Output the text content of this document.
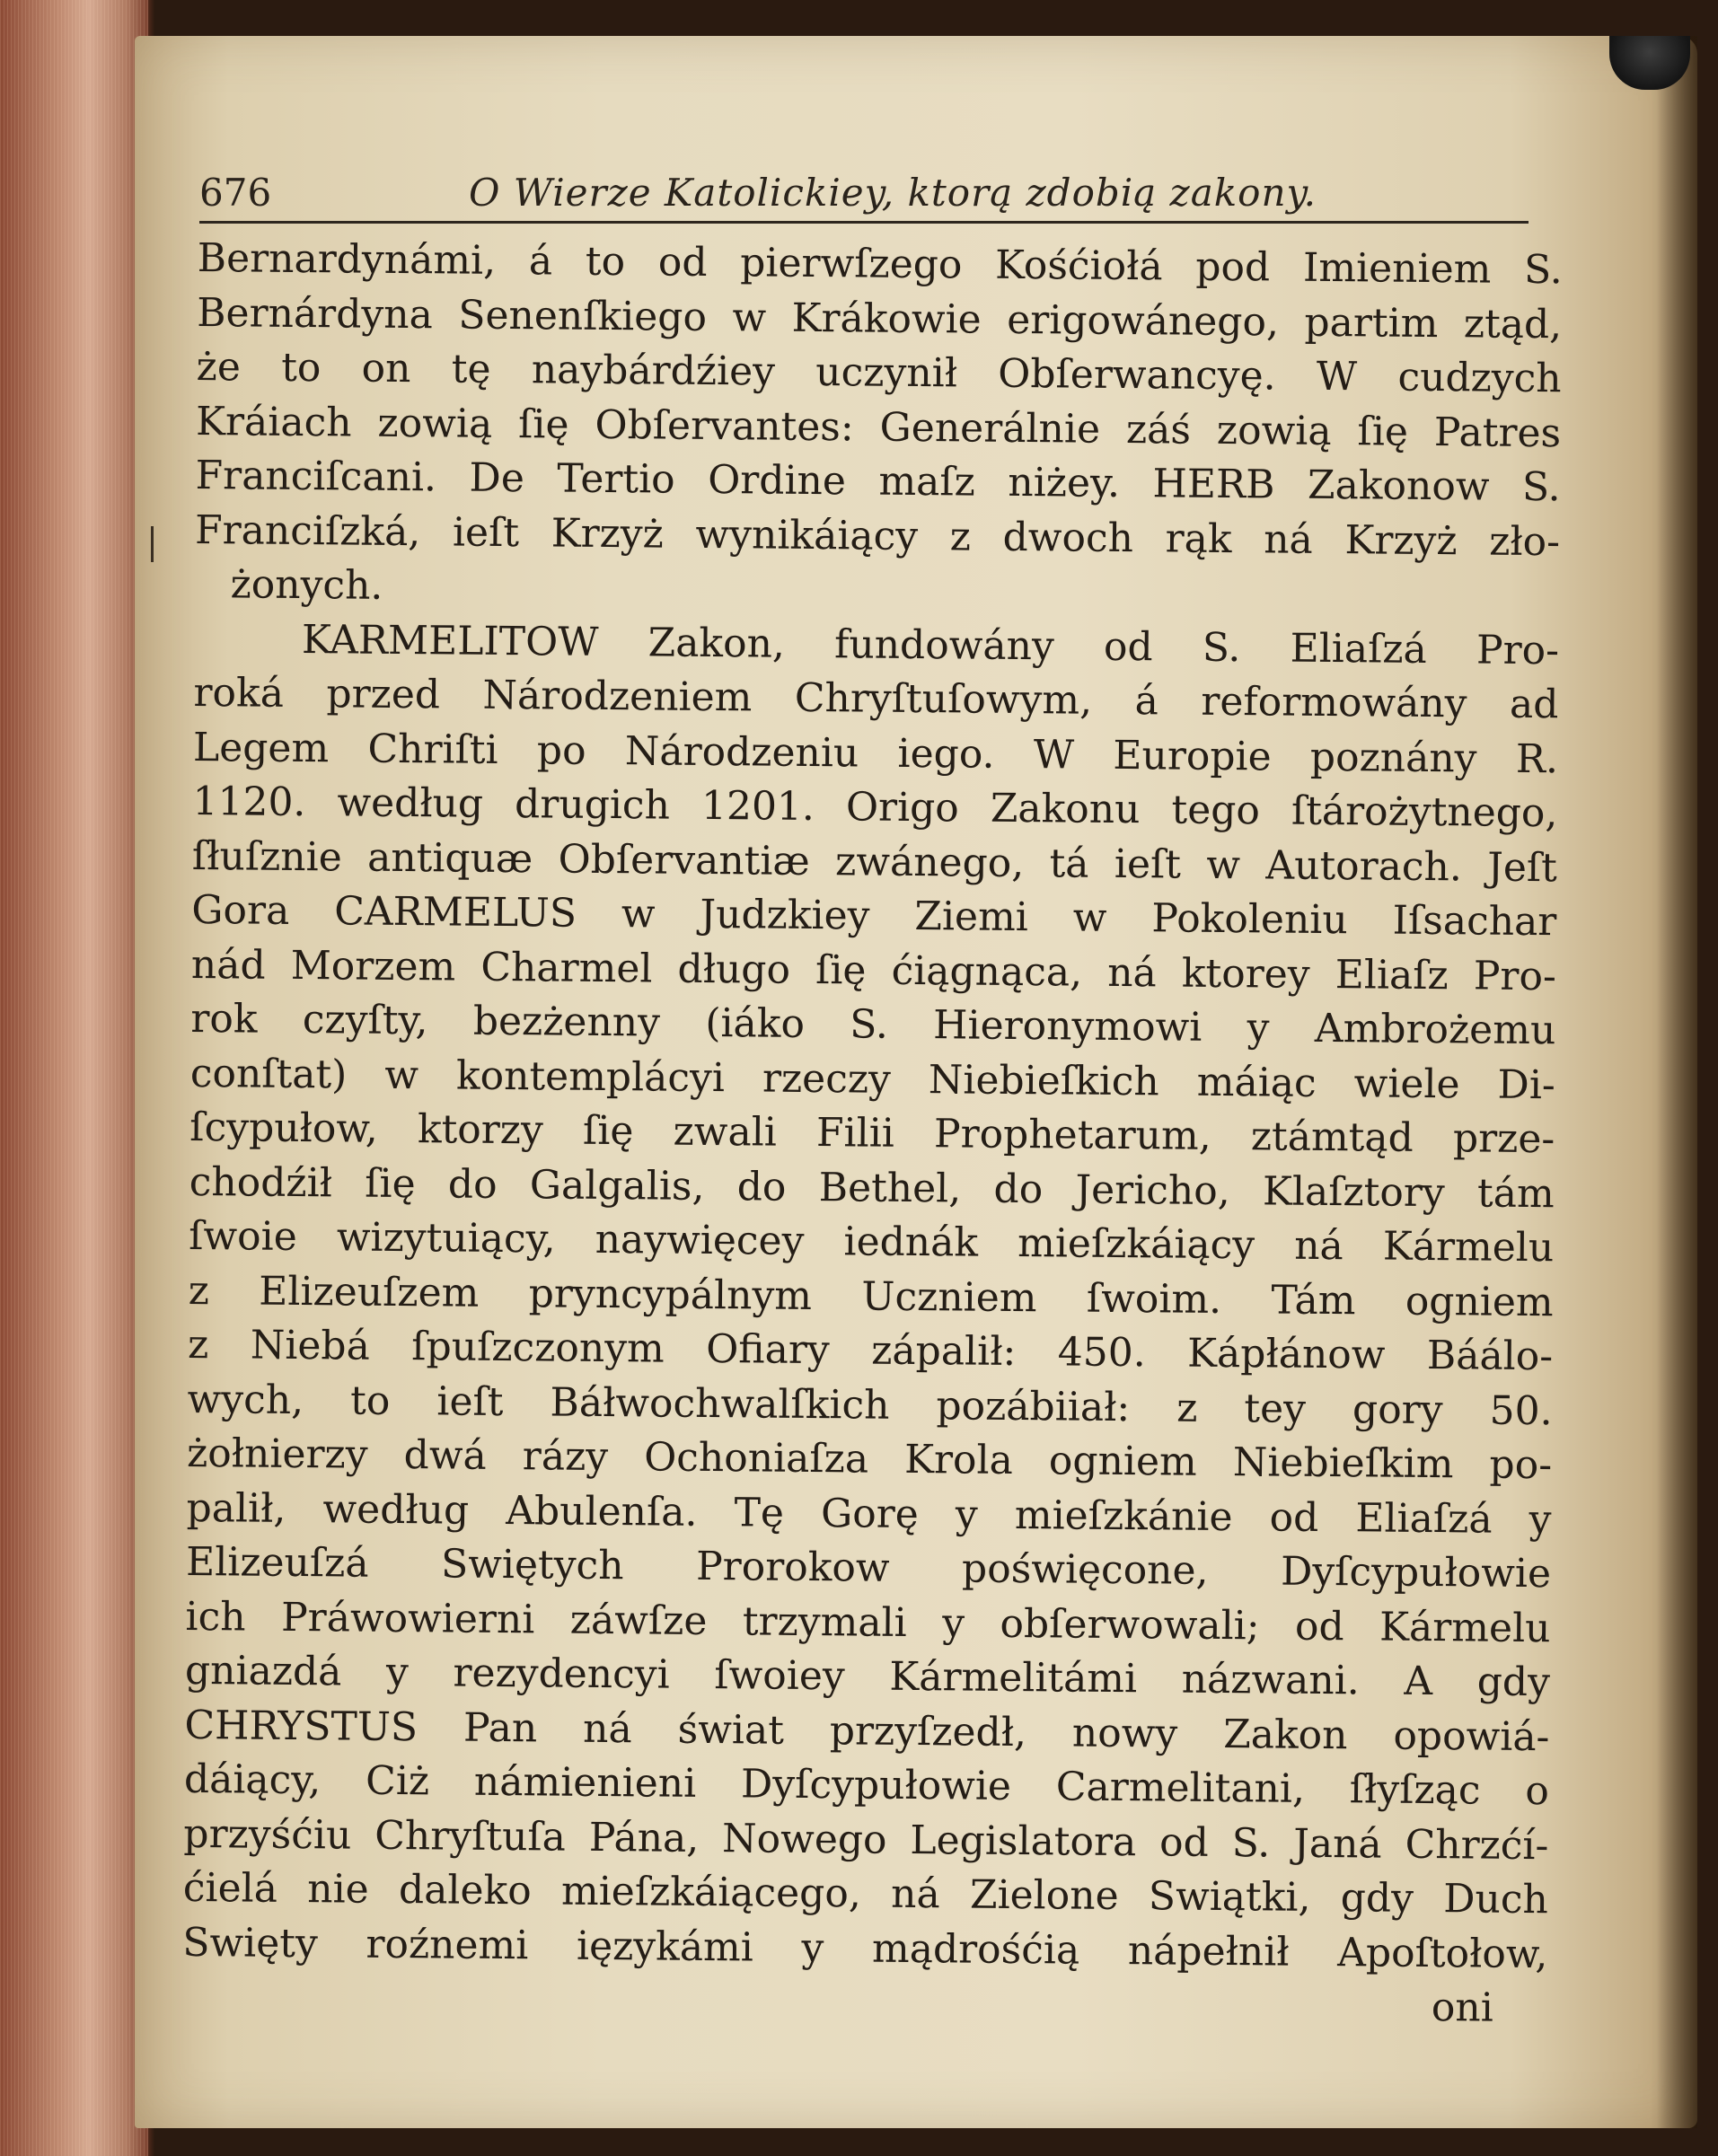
676	O Wierze Katolickiey, ktorą zdobią zakony.
Bernardynámi, á to od pierwſzego Kośćiołá pod Imieniem S.
Bernárdyna Senenſkiego w Krákowie erigowánego, partim ztąd,
że to on tę naybárdźiey uczynił Obſerwancyę. W cudzych
Kráiach zowią ſię Obſervantes: Generálnie záś zowią ſię Patres
Franciſcani. De Tertio Ordine maſz niżey. HERB Zakonow S.
Franciſzká, ieſt Krzyż wynikáiący z dwoch rąk ná Krzyż zło-
żonych.
KARMELITOW Zakon, fundowány od S. Eliaſzá Pro-
roká przed Národzeniem Chryſtuſowym, á reformowány ad
Legem Chriſti po Národzeniu iego. W Europie poznány R.
1120. według drugich 1201. Origo Zakonu tego ſtárożytnego,
ſłuſznie antiquæ Obſervantiæ zwánego, tá ieſt w Autorach. Jeſt
Gora CARMELUS w Judzkiey Ziemi w Pokoleniu Iſsachar
nád Morzem Charmel długo ſię ćiągnąca, ná ktorey Eliaſz Pro-
rok czyſty, bezżenny (iáko S. Hieronymowi y Ambrożemu
conſtat) w kontemplácyi rzeczy Niebieſkich máiąc wiele Di-
ſcypułow, ktorzy ſię zwali Filii Prophetarum, ztámtąd prze-
chodźił ſię do Galgalis, do Bethel, do Jericho, Klaſztory tám
ſwoie wizytuiący, naywięcey iednák mieſzkáiący ná Kármelu
z Elizeuſzem pryncypálnym Uczniem ſwoim. Tám ogniem
z Niebá ſpuſzczonym Ofiary zápalił: 450. Kápłánow Báálo-
wych, to ieſt Báłwochwalſkich pozábiiał: z tey gory 50.
żołnierzy dwá rázy Ochoniaſza Krola ogniem Niebieſkim po-
palił, według Abulenſa. Tę Gorę y mieſzkánie od Eliaſzá y
Elizeuſzá Swiętych Prorokow poświęcone, Dyſcypułowie
ich Práwowierni záwſze trzymali y obſerwowali; od Kármelu
gniazdá y rezydencyi ſwoiey Kármelitámi názwani. A gdy
CHRYSTUS Pan ná świat przyſzedł, nowy Zakon opowiá-
dáiący, Ciż námienieni Dyſcypułowie Carmelitani, ſłyſząc o
przyśćiu Chryſtuſa Pána, Nowego Legislatora od S. Janá Chrzćí-
ćielá nie daleko mieſzkáiącego, ná Zielone Swiątki, gdy Duch
Swięty roźnemi ięzykámi y mądrośćią nápełnił Apoſtołow,
oni
